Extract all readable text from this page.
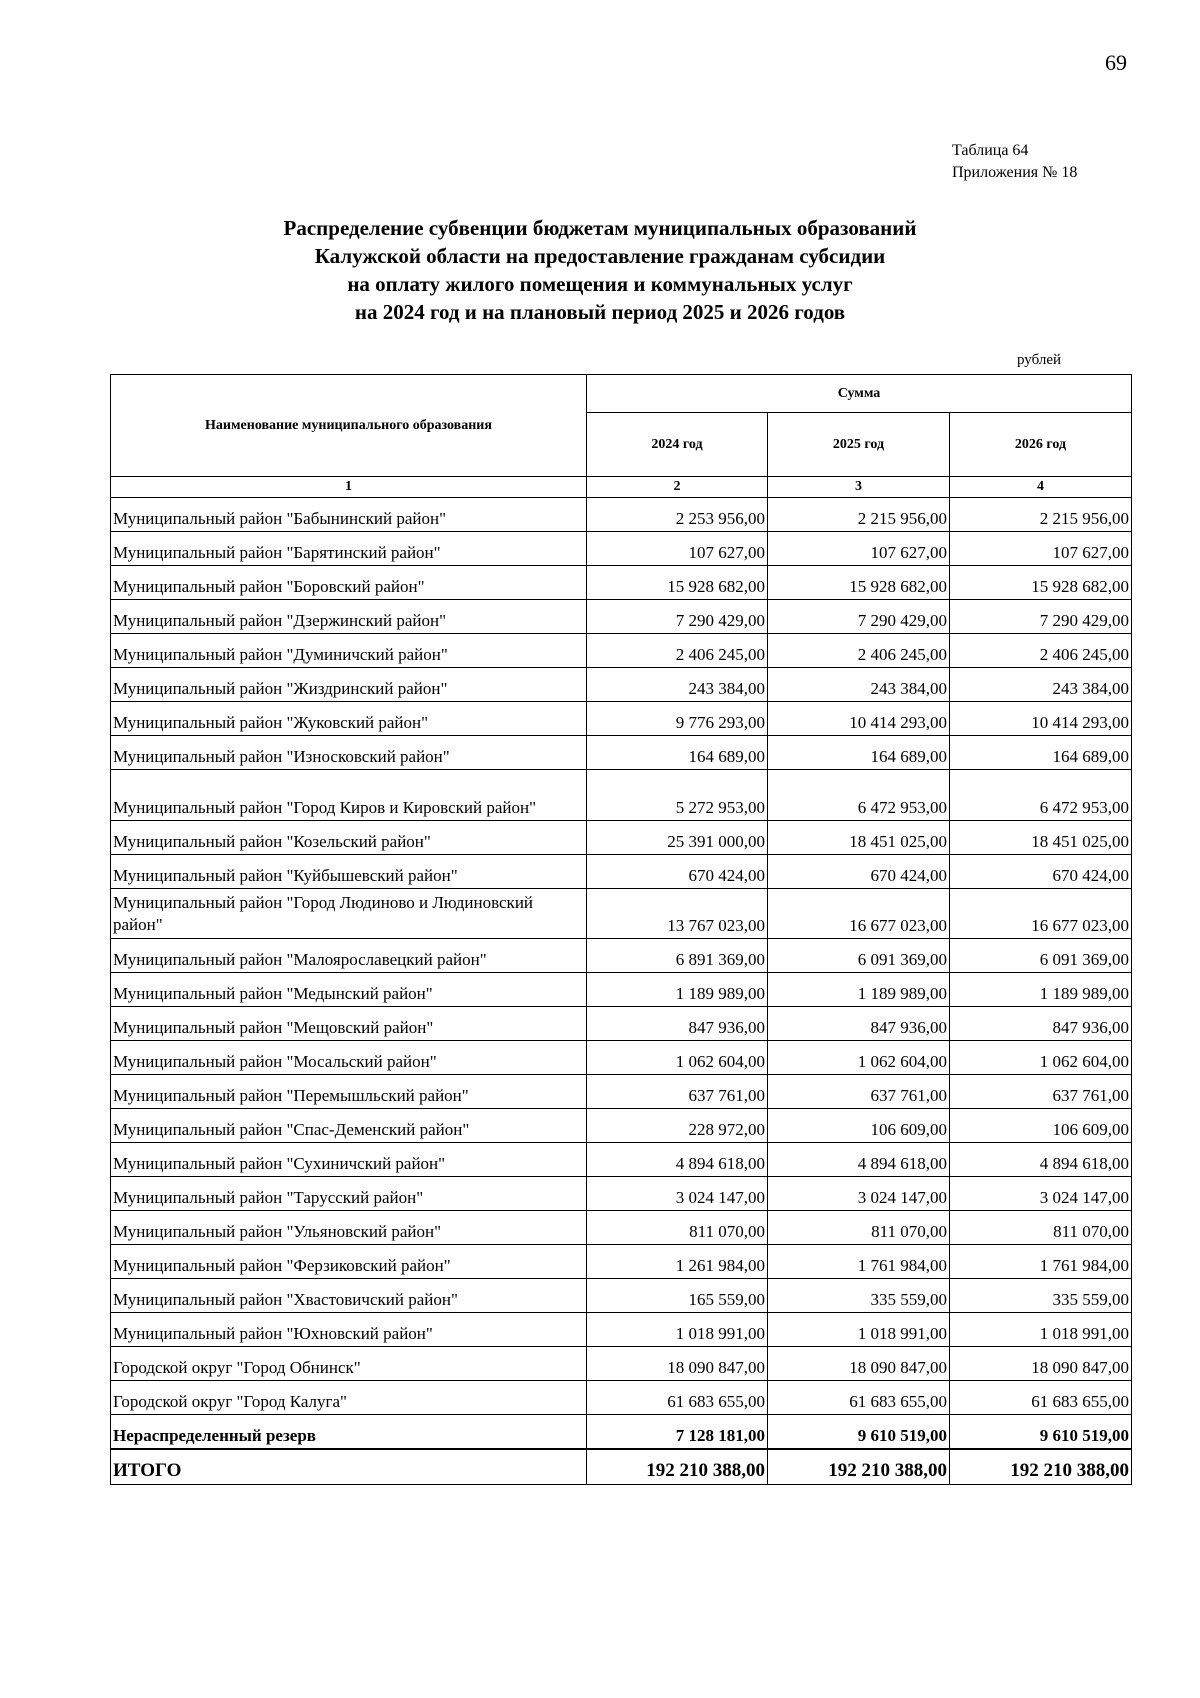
69
Таблица 64
Приложения № 18
Распределение субвенции бюджетам муниципальных образований
Калужской области на предоставление гражданам субсидии
на оплату жилого помещения и коммунальных услуг
на 2024 год и на плановый период 2025 и 2026 годов
рублей
Наименование муниципального образования	Сумма		
	2024 год	2025 год	2026 год
1	2	3	4
Муниципальный район "Бабынинский район"	2 253 956,00	2 215 956,00	2 215 956,00
Муниципальный район "Барятинский район"	107 627,00	107 627,00	107 627,00
Муниципальный район "Боровский район"	15 928 682,00	15 928 682,00	15 928 682,00
Муниципальный район "Дзержинский район"	7 290 429,00	7 290 429,00	7 290 429,00
Муниципальный район "Думиничский район"	2 406 245,00	2 406 245,00	2 406 245,00
Муниципальный район "Жиздринский район"	243 384,00	243 384,00	243 384,00
Муниципальный район "Жуковский район"	9 776 293,00	10 414 293,00	10 414 293,00
Муниципальный район "Износковский район"	164 689,00	164 689,00	164 689,00
Муниципальный район "Город Киров и Кировский район"	5 272 953,00	6 472 953,00	6 472 953,00
Муниципальный район "Козельский район"	25 391 000,00	18 451 025,00	18 451 025,00
Муниципальный район "Куйбышевский район"	670 424,00	670 424,00	670 424,00
Муниципальный район "Город Людиново и Людиновский район"	13 767 023,00	16 677 023,00	16 677 023,00
Муниципальный район "Малоярославецкий район"	6 891 369,00	6 091 369,00	6 091 369,00
Муниципальный район "Медынский район"	1 189 989,00	1 189 989,00	1 189 989,00
Муниципальный район "Мещовский район"	847 936,00	847 936,00	847 936,00
Муниципальный район "Мосальский район"	1 062 604,00	1 062 604,00	1 062 604,00
Муниципальный район "Перемышльский район"	637 761,00	637 761,00	637 761,00
Муниципальный район "Спас-Деменский район"	228 972,00	106 609,00	106 609,00
Муниципальный район "Сухиничский район"	4 894 618,00	4 894 618,00	4 894 618,00
Муниципальный район "Тарусский район"	3 024 147,00	3 024 147,00	3 024 147,00
Муниципальный район "Ульяновский район"	811 070,00	811 070,00	811 070,00
Муниципальный район "Ферзиковский район"	1 261 984,00	1 761 984,00	1 761 984,00
Муниципальный район "Хвастовичский район"	165 559,00	335 559,00	335 559,00
Муниципальный район "Юхновский район"	1 018 991,00	1 018 991,00	1 018 991,00
Городской округ "Город Обнинск"	18 090 847,00	18 090 847,00	18 090 847,00
Городской округ "Город Калуга"	61 683 655,00	61 683 655,00	61 683 655,00
Нераспределенный резерв	7 128 181,00	9 610 519,00	9 610 519,00
ИТОГО	192 210 388,00	192 210 388,00	192 210 388,00
